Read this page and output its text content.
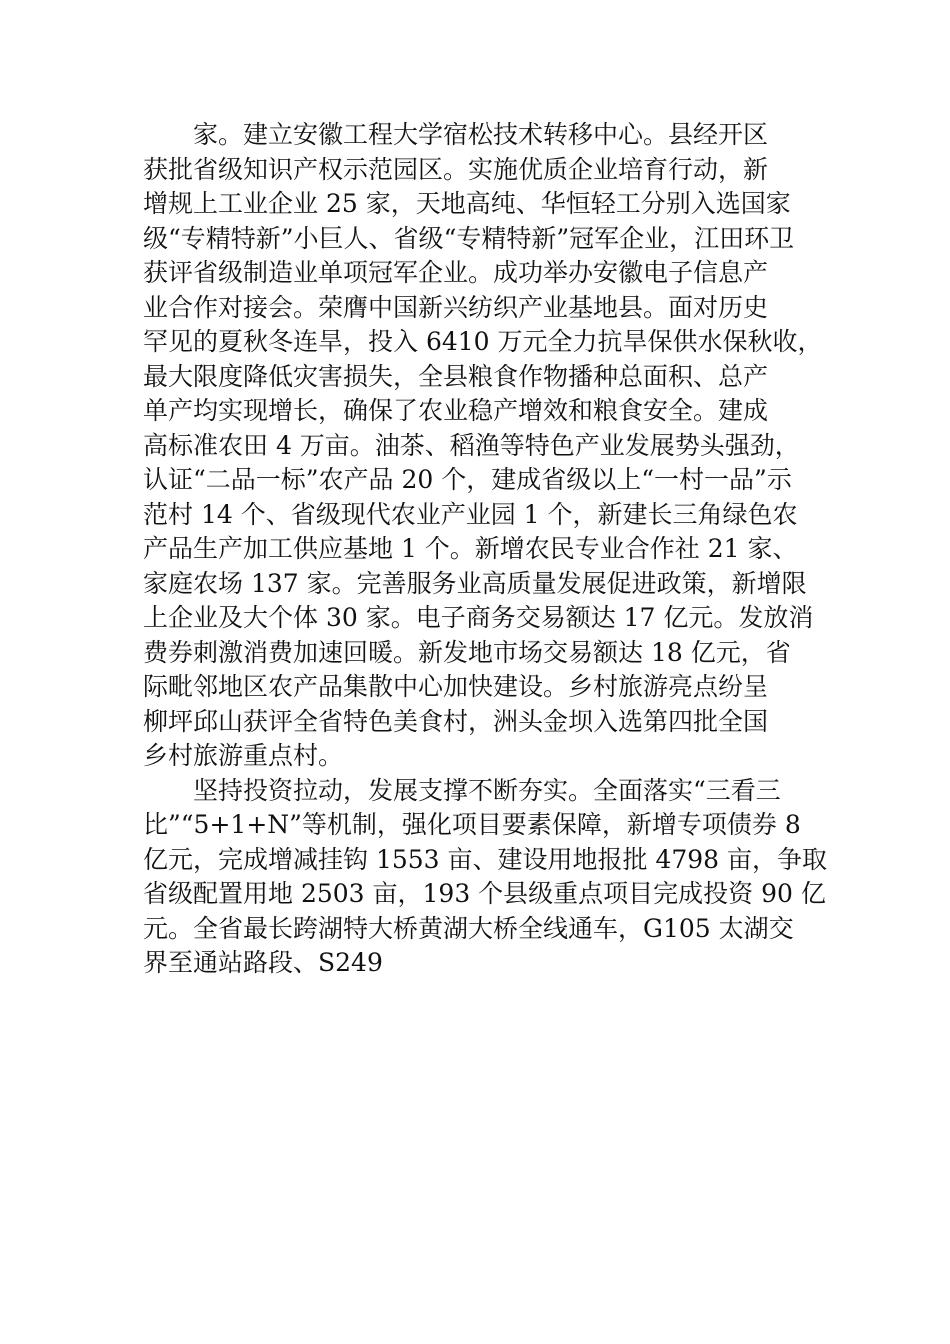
家。建立安徽工程大学宿松技术转移中心。县经开区
获批省级知识产权示范园区。实施优质企业培育行动，新
增规上工业企业 25 家，天地高纯、华恒轻工分别入选国家
级“专精特新”小巨人、省级“专精特新”冠军企业，江田环卫
获评省级制造业单项冠军企业。成功举办安徽电子信息产
业合作对接会。荣膺中国新兴纺织产业基地县。面对历史
罕见的夏秋冬连旱，投入 6410 万元全力抗旱保供水保秋收，
最大限度降低灾害损失，全县粮食作物播种总面积、总产
单产均实现增长，确保了农业稳产增效和粮食安全。建成
高标准农田 4 万亩。油茶、稻渔等特色产业发展势头强劲，
认证“二品一标”农产品 20 个，建成省级以上“一村一品”示
范村 14 个、省级现代农业产业园 1 个，新建长三角绿色农
产品生产加工供应基地 1 个。新增农民专业合作社 21 家、
家庭农场 137 家。完善服务业高质量发展促进政策，新增限
上企业及大个体 30 家。电子商务交易额达 17 亿元。发放消
费券刺激消费加速回暖。新发地市场交易额达 18 亿元，省
际毗邻地区农产品集散中心加快建设。乡村旅游亮点纷呈
柳坪邱山获评全省特色美食村，洲头金坝入选第四批全国
乡村旅游重点村。
坚持投资拉动，发展支撑不断夯实。全面落实“三看三
比”“5+1+N”等机制，强化项目要素保障，新增专项债券 8
亿元，完成增减挂钩 1553 亩、建设用地报批 4798 亩，争取
省级配置用地 2503 亩，193 个县级重点项目完成投资 90 亿
元。全省最长跨湖特大桥黄湖大桥全线通车，G105 太湖交
界至通站路段、S249
